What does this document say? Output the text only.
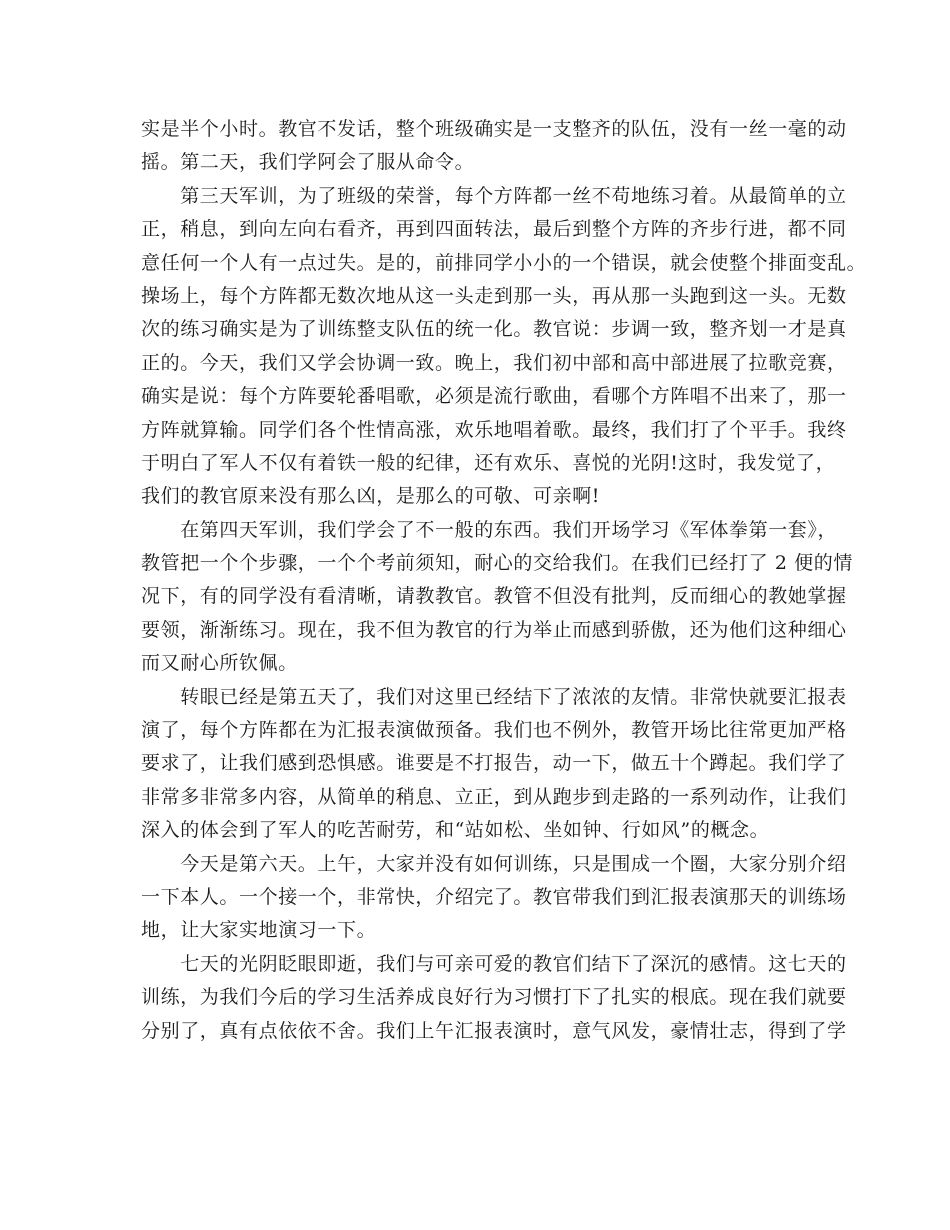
实是半个小时。教官不发话，整个班级确实是一支整齐的队伍，没有一丝一毫的动
摇。第二天，我们学阿会了服从命令。
　　第三天军训，为了班级的荣誉，每个方阵都一丝不苟地练习着。从最简单的立
正，稍息，到向左向右看齐，再到四面转法，最后到整个方阵的齐步行进，都不同
意任何一个人有一点过失。是的，前排同学小小的一个错误，就会使整个排面变乱。
操场上，每个方阵都无数次地从这一头走到那一头，再从那一头跑到这一头。无数
次的练习确实是为了训练整支队伍的统一化。教官说：步调一致，整齐划一才是真
正的。今天，我们又学会协调一致。晚上，我们初中部和高中部进展了拉歌竞赛，
确实是说：每个方阵要轮番唱歌，必须是流行歌曲，看哪个方阵唱不出来了，那一
方阵就算输。同学们各个性情高涨，欢乐地唱着歌。最终，我们打了个平手。我终
于明白了军人不仅有着铁一般的纪律，还有欢乐、喜悦的光阴!这时，我发觉了，
我们的教官原来没有那么凶，是那么的可敬、可亲啊!
　　在第四天军训，我们学会了不一般的东西。我们开场学习《军体拳第一套》，
教管把一个个步骤，一个个考前须知，耐心的交给我们。在我们已经打了 2 便的情
况下，有的同学没有看清晰，请教教官。教管不但没有批判，反而细心的教她掌握
要领，渐渐练习。现在，我不但为教官的行为举止而感到骄傲，还为他们这种细心
而又耐心所钦佩。
　　转眼已经是第五天了，我们对这里已经结下了浓浓的友情。非常快就要汇报表
演了，每个方阵都在为汇报表演做预备。我们也不例外，教管开场比往常更加严格
要求了，让我们感到恐惧感。谁要是不打报告，动一下，做五十个蹲起。我们学了
非常多非常多内容，从简单的稍息、立正，到从跑步到走路的一系列动作，让我们
深入的体会到了军人的吃苦耐劳，和“站如松、坐如钟、行如风”的概念。
　　今天是第六天。上午，大家并没有如何训练，只是围成一个圈，大家分别介绍
一下本人。一个接一个，非常快，介绍完了。教官带我们到汇报表演那天的训练场
地，让大家实地演习一下。
　　七天的光阴眨眼即逝，我们与可亲可爱的教官们结下了深沉的感情。这七天的
训练，为我们今后的学习生活养成良好行为习惯打下了扎实的根底。现在我们就要
分别了，真有点依依不舍。我们上午汇报表演时，意气风发，豪情壮志，得到了学
